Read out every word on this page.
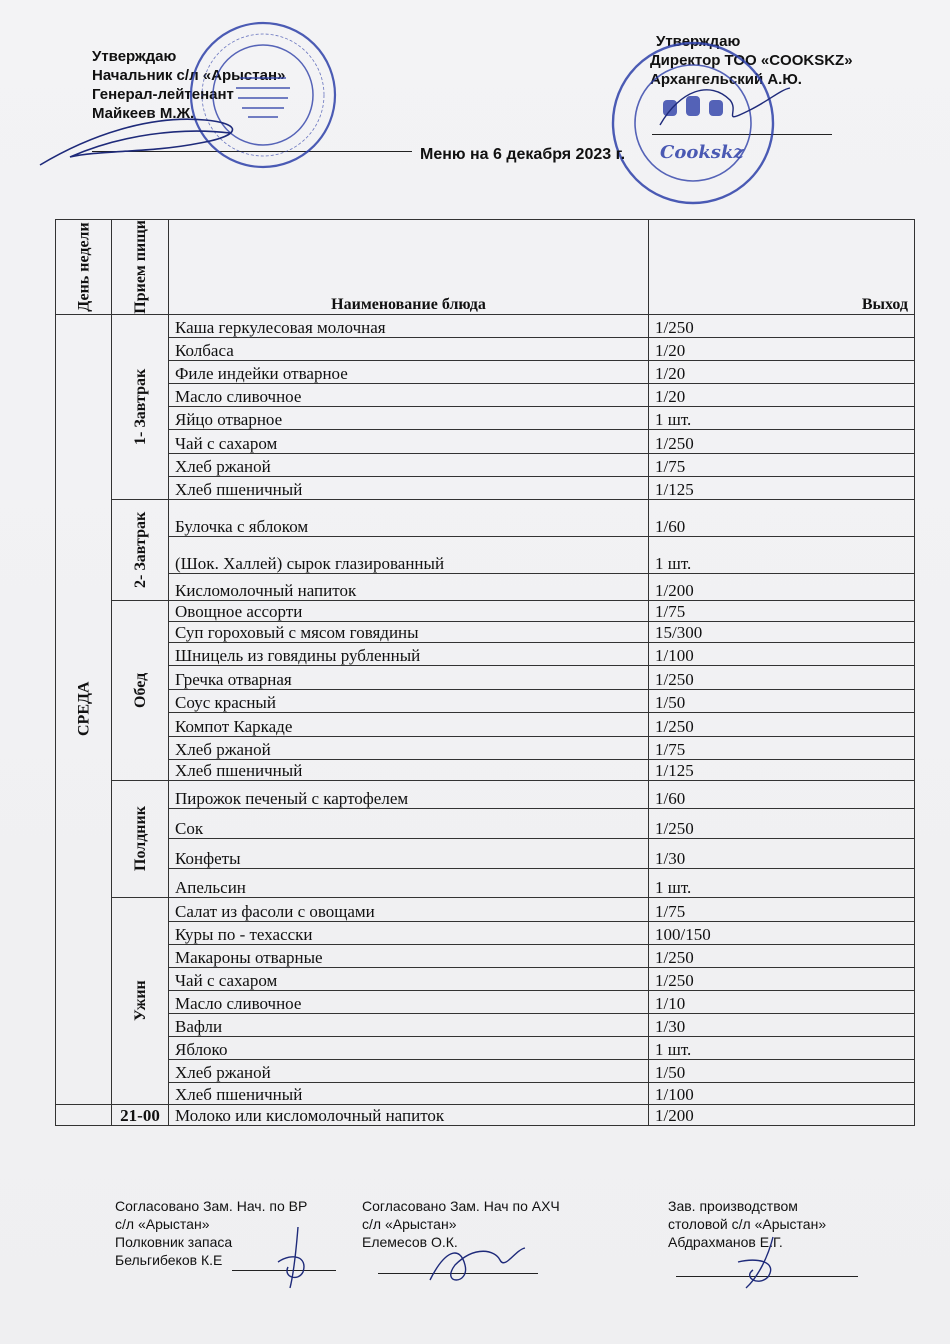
Утверждаю
Начальник с/л «Арыстан»
Генерал-лейтенант
Майкеев М.Ж.
Утверждаю
Директор ТОО «COOKSKZ»
Архангельский А.Ю.
Cookskz
Меню на 6 декабря 2023 г.
День недели	Прием пищи	Наименование блюда	Выход
СРЕДА	1- Завтрак	Каша геркулесовая молочная	1/250
		Колбаса	1/20
		Филе индейки отварное	1/20
		Масло сливочное	1/20
		Яйцо отварное	1 шт.
		Чай с сахаром	1/250
		Хлеб ржаной	1/75
		Хлеб пшеничный	1/125
	2- Завтрак	Булочка с яблоком	1/60
		(Шок. Халлей) сырок глазированный	1 шт.
		Кисломолочный напиток	1/200
	Обед	Овощное ассорти	1/75
		Суп гороховый с мясом говядины	15/300
		Шницель из говядины рубленный	1/100
		Гречка отварная	1/250
		Соус красный	1/50
		Компот Каркаде	1/250
		Хлеб ржаной	1/75
		Хлеб пшеничный	1/125
	Полдник	Пирожок печеный с картофелем	1/60
		Сок	1/250
		Конфеты	1/30
		Апельсин	1 шт.
	Ужин	Салат из фасоли с овощами	1/75
		Куры по - техасски	100/150
		Макароны отварные	1/250
		Чай с сахаром	1/250
		Масло сливочное	1/10
		Вафли	1/30
		Яблоко	1 шт.
		Хлеб ржаной	1/50
		Хлеб пшеничный	1/100
	21-00	Молоко или кисломолочный напиток	1/200
Согласовано Зам. Нач. по ВР
с/л «Арыстан»
Полковник запаса
Бельгибеков К.Е
Согласовано Зам. Нач по АХЧ
с/л «Арыстан»
Елемесов О.К.
Зав. производством
столовой с/л «Арыстан»
Абдрахманов Е.Г.
